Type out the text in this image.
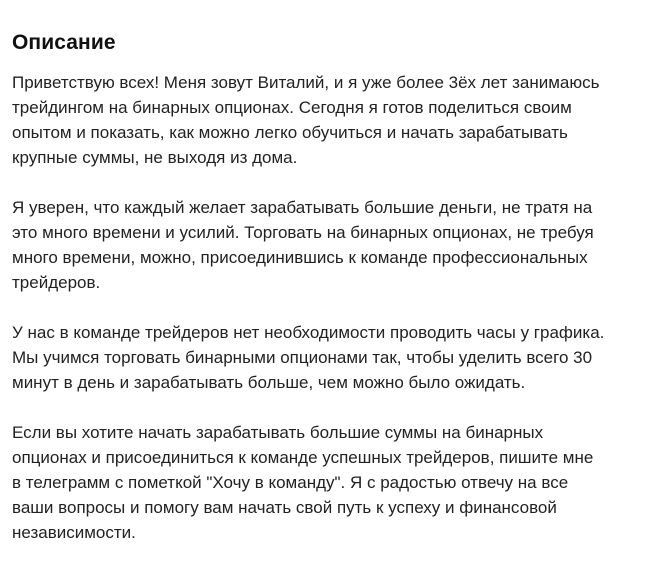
Описание

Приветствую всех! Меня зовут Виталий, и я уже более 3ёх лет занимаюсь
трейдингом на бинарных опционах. Сегодня я готов поделиться своим
опытом и показать, как можно легко обучиться и начать зарабатывать
крупные суммы, не выходя из дома.

Я уверен, что каждый желает зарабатывать большие деньги, не тратя на
это много времени и усилий. Торговать на бинарных опционах, не требуя
много времени, можно, присоединившись к команде профессиональных
трейдеров.

У нас в команде трейдеров нет необходимости проводить часы у графика.
Мы учимся торговать бинарными опционами так, чтобы уделить всего 30
минут в день и зарабатывать больше, чем можно было ожидать.

Если вы хотите начать зарабатывать большие суммы на бинарных
опционах и присоединиться к команде успешных трейдеров, пишите мне
в телеграмм с пометкой "Хочу в команду". Я с радостью отвечу на все
ваши вопросы и помогу вам начать свой путь к успеху и финансовой
независимости.
